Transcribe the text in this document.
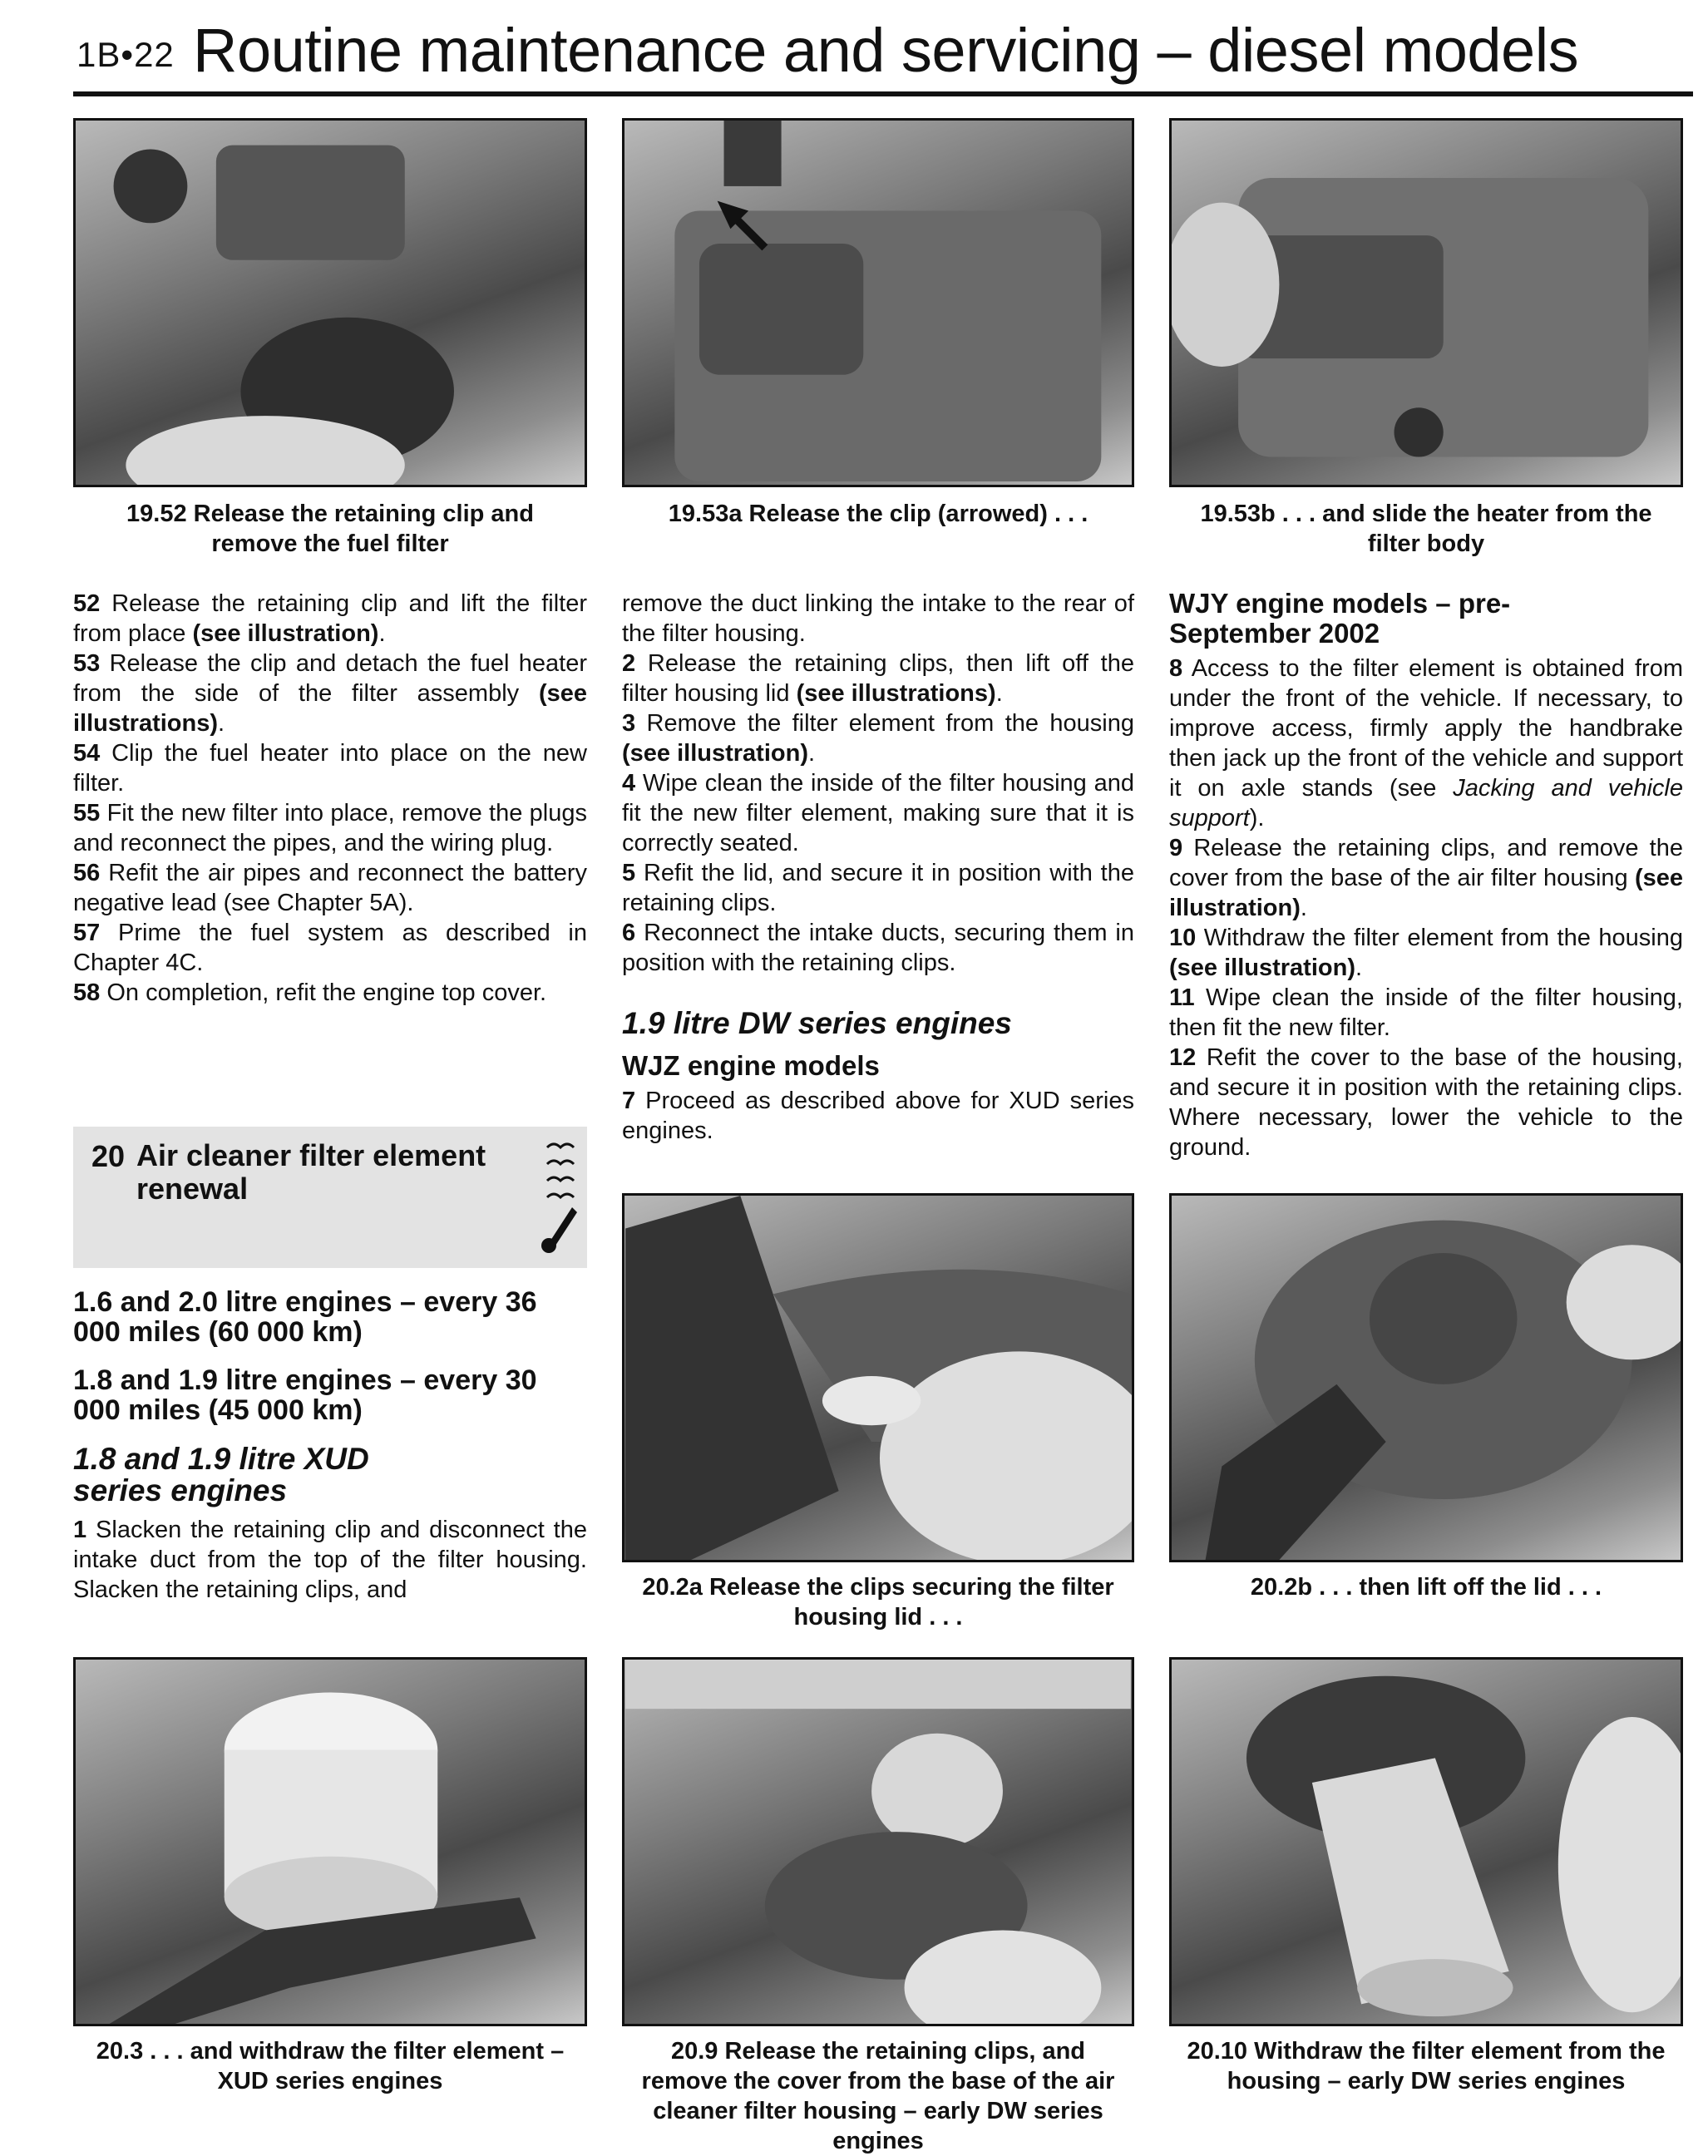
1B•22 Routine maintenance and servicing – diesel models
19.52 Release the retaining clip and remove the fuel filter
19.53a Release the clip (arrowed) . . .	19.53b . . . and slide the heater from the filter body

52 Release the retaining clip and lift the filter from place (see illustration).

53 Release the clip and detach the fuel heater from the side of the filter assembly (see illustrations).

54 Clip the fuel heater into place on the new filter.

55 Fit the new filter into place, remove the plugs and reconnect the pipes, and the wiring plug.

56 Refit the air pipes and reconnect the battery negative lead (see Chapter 5A).

57 Prime the fuel system as described in Chapter 4C.

58 On completion, refit the engine top cover.

20 Air cleaner filter element renewal
1.6 and 2.0 litre engines – every 36 000 miles (60 000 km)
1.8 and 1.9 litre engines – every 30 000 miles (45 000 km)
1.8 and 1.9 litre XUD series engines

1 Slacken the retaining clip and disconnect the intake duct from the top of the filter housing. Slacken the retaining clips, and

remove the duct linking the intake to the rear of the filter housing.

2 Release the retaining clips, then lift off the filter housing lid (see illustrations).

3 Remove the filter element from the housing (see illustration).

4 Wipe clean the inside of the filter housing and fit the new filter element, making sure that it is correctly seated.

5 Refit the lid, and secure it in position with the retaining clips.

6 Reconnect the intake ducts, securing them in position with the retaining clips.

1.9 litre DW series engines
WJZ engine models

7 Proceed as described above for XUD series engines.

WJY engine models – pre-September 2002

8 Access to the filter element is obtained from under the front of the vehicle. If necessary, to improve access, firmly apply the handbrake then jack up the front of the vehicle and support it on axle stands (see Jacking and vehicle support).

9 Release the retaining clips, and remove the cover from the base of the air filter housing (see illustration).

10 Withdraw the filter element from the housing (see illustration).

11 Wipe clean the inside of the filter housing, then fit the new filter.

12 Refit the cover to the base of the housing, and secure it in position with the retaining clips. Where necessary, lower the vehicle to the ground.

20.2a Release the clips securing the filter housing lid . . .
20.2b . . . then lift off the lid . . .
20.3 . . . and withdraw the filter element – XUD series engines
20.9 Release the retaining clips, and remove the cover from the base of the air cleaner filter housing – early DW series engines
20.10 Withdraw the filter element from the housing – early DW series engines
